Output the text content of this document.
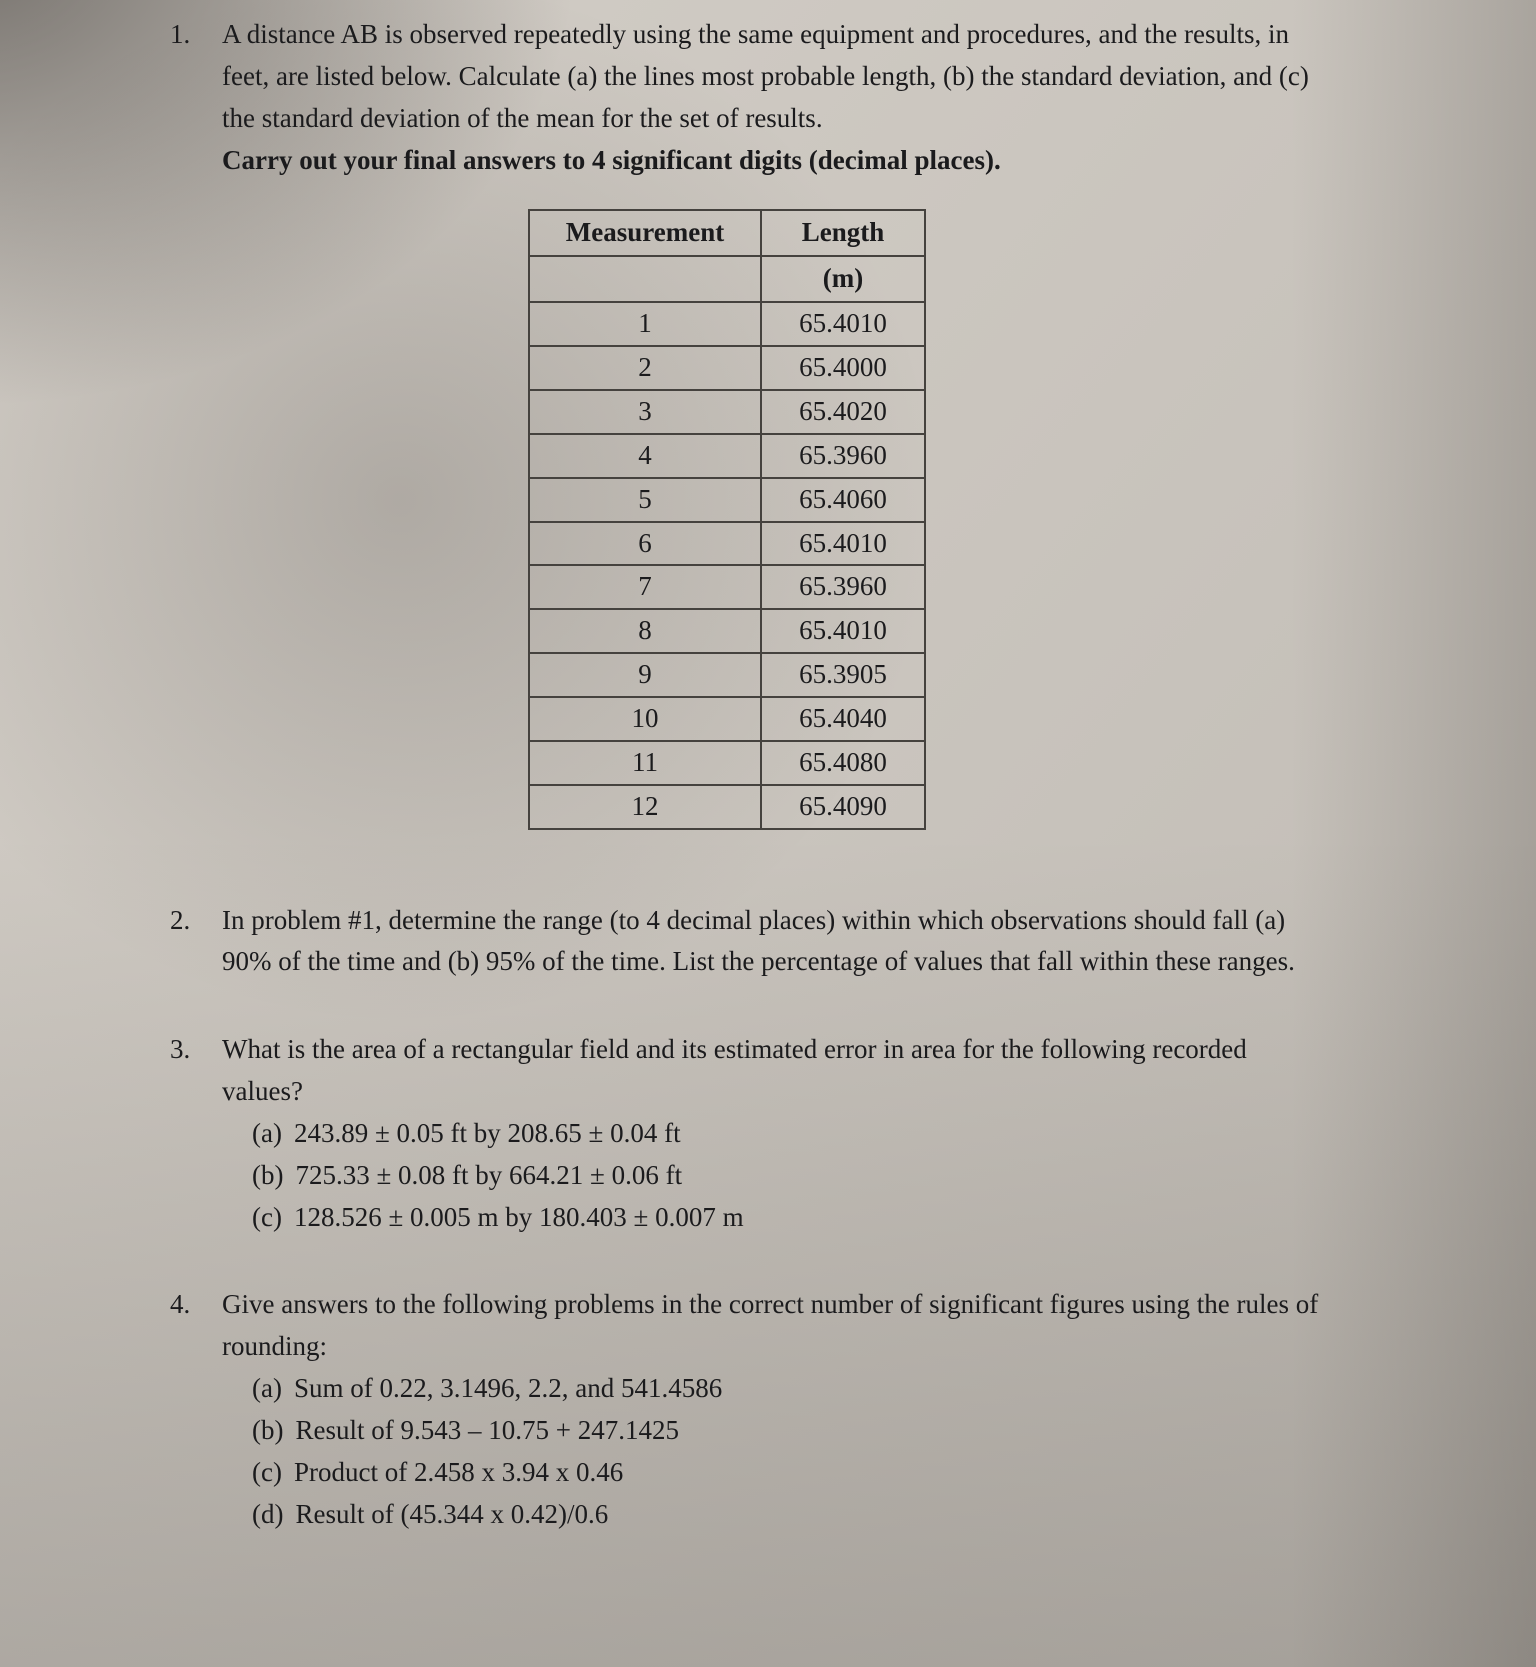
1.	A distance AB is observed repeatedly using the same equipment and procedures, and the results, in feet, are listed below. Calculate (a) the lines most probable length, (b) the standard deviation, and (c) the standard deviation of the mean for the set of results.
Carry out your final answers to 4 significant digits (decimal places).
Measurement	Length
	(m)
1	65.4010
2	65.4000
3	65.4020
4	65.3960
5	65.4060
6	65.4010
7	65.3960
8	65.4010
9	65.3905
10	65.4040
11	65.4080
12	65.4090
2.	In problem #1, determine the range (to 4 decimal places) within which observations should fall (a) 90% of the time and (b) 95% of the time. List the percentage of values that fall within these ranges.
3.	What is the area of a rectangular field and its estimated error in area for the following recorded values?
(a) 243.89 ± 0.05 ft by 208.65 ± 0.04 ft
(b) 725.33 ± 0.08 ft by 664.21 ± 0.06 ft
(c) 128.526 ± 0.005 m by 180.403 ± 0.007 m
4.	Give answers to the following problems in the correct number of significant figures using the rules of rounding:
(a) Sum of 0.22, 3.1496, 2.2, and 541.4586
(b) Result of 9.543 – 10.75 + 247.1425
(c) Product of 2.458 x 3.94 x 0.46
(d) Result of (45.344 x 0.42)/0.6
